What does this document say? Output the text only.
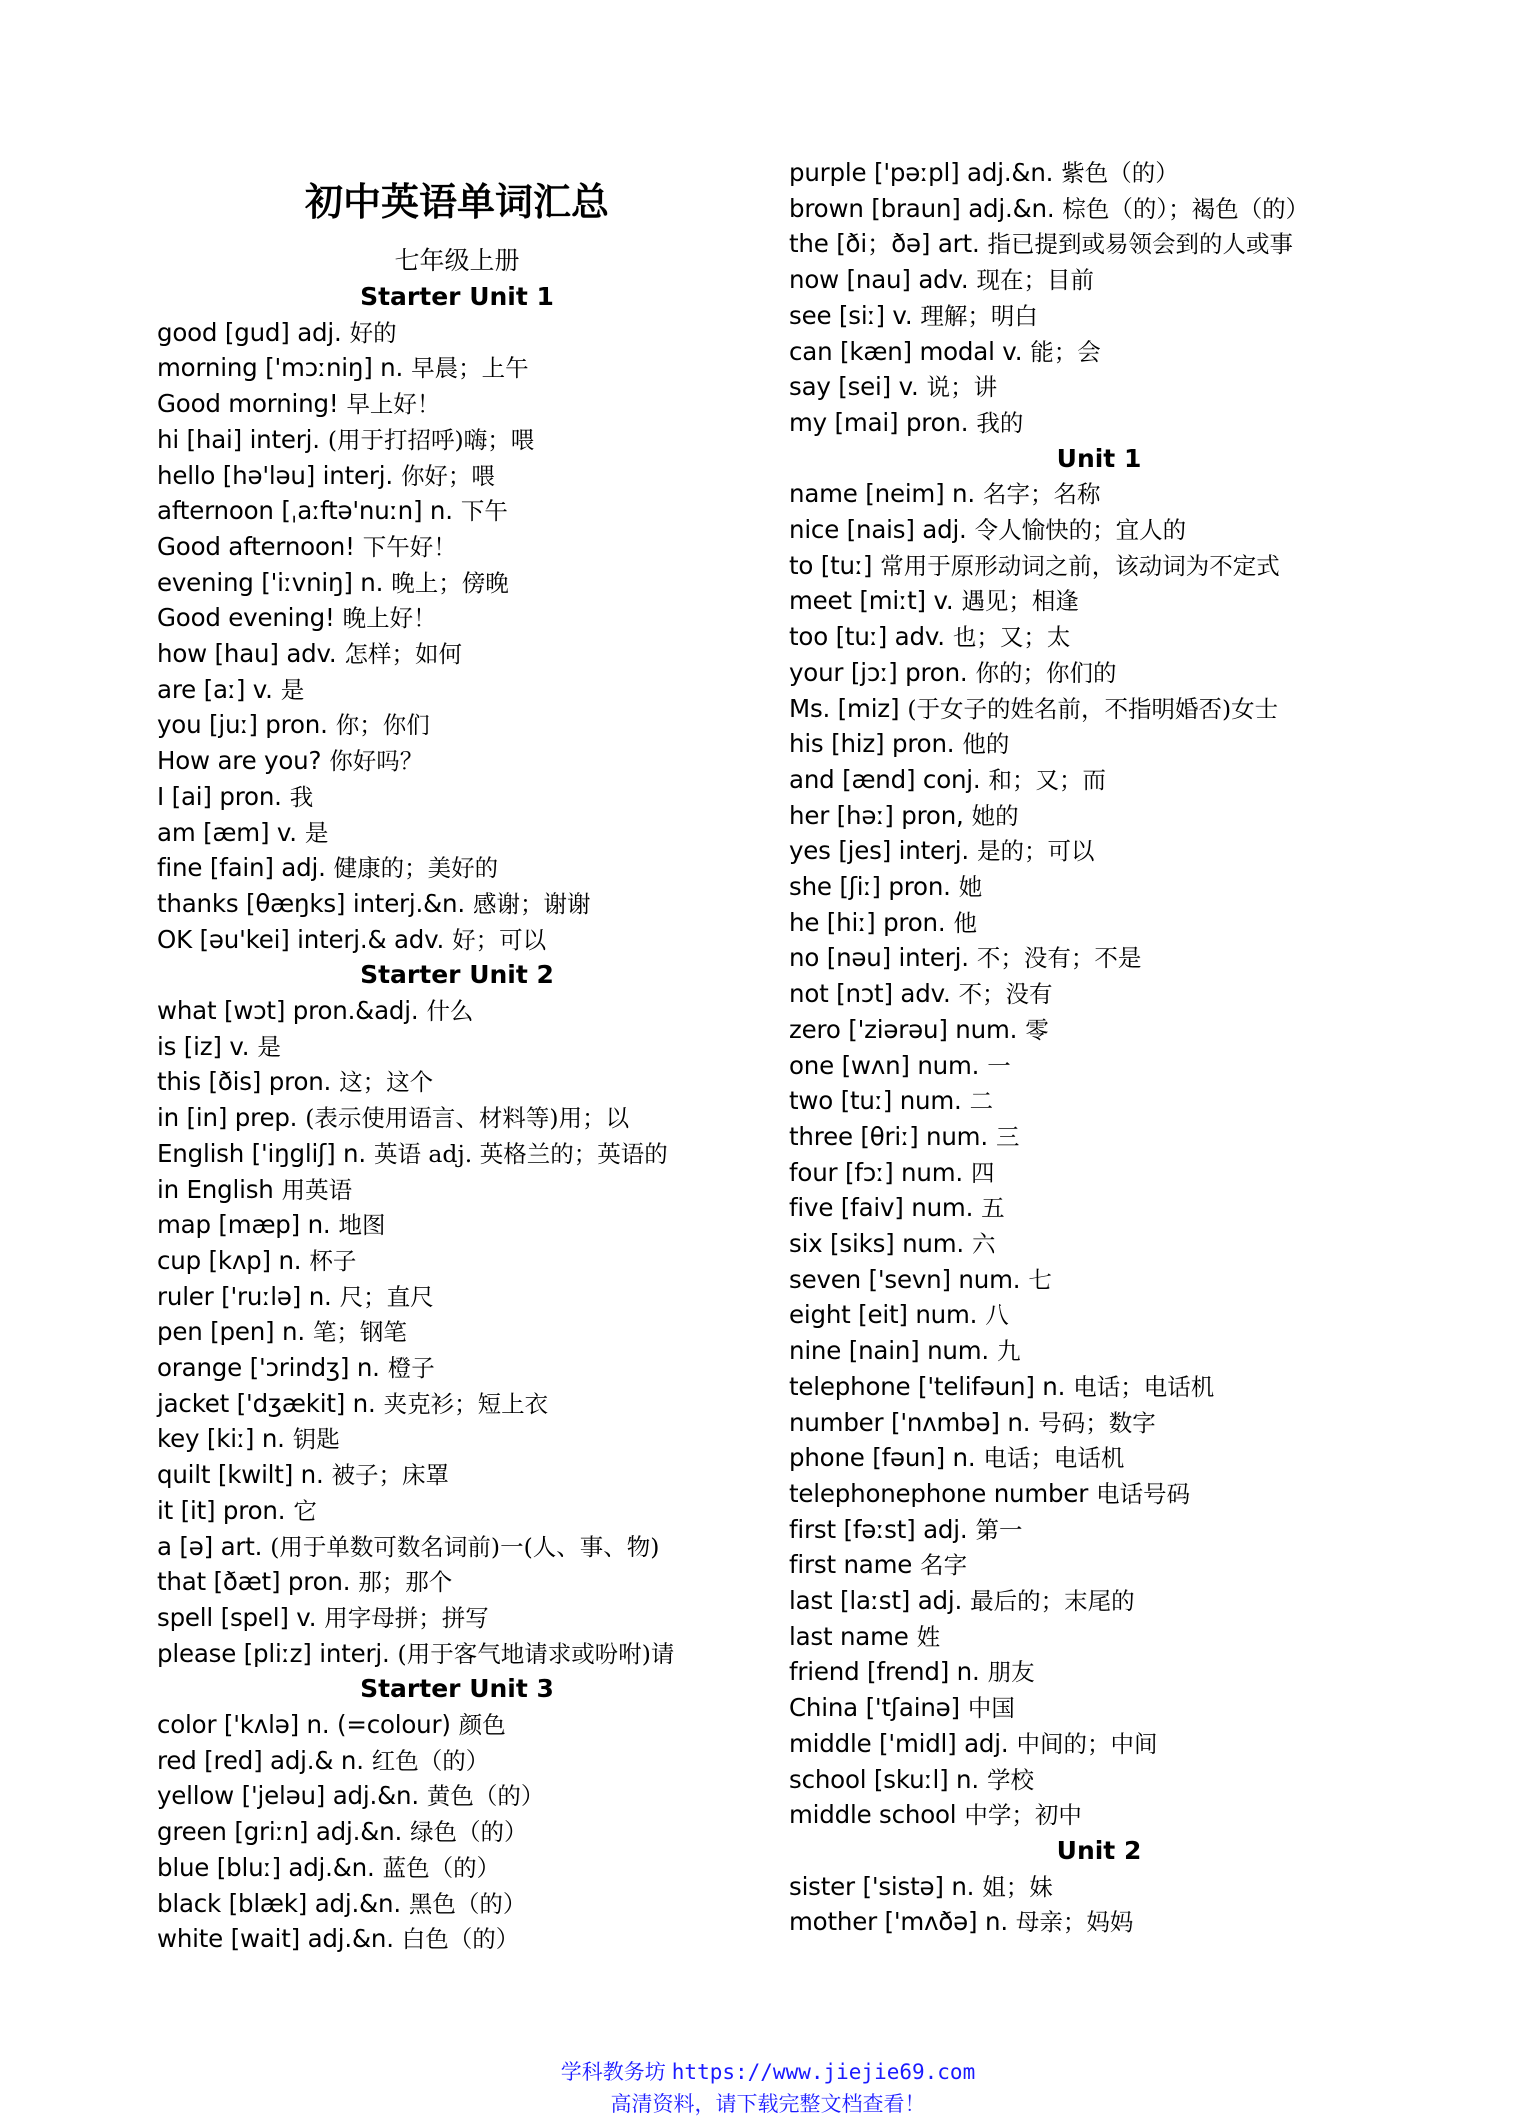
初中英语单词汇总
七年级上册
Starter Unit 1
good [gud] adj. 好的
morning ['mɔːniŋ] n. 早晨；上午
Good morning! 早上好！
hi [hai] interj. (用于打招呼)嗨；喂
hello [hə'ləu] interj. 你好；喂
afternoon [ˌaːftə'nuːn] n. 下午
Good afternoon! 下午好！
evening ['iːvniŋ] n. 晚上；傍晚
Good evening! 晚上好！
how [hau] adv. 怎样；如何
are [aː] v. 是
you [juː] pron. 你；你们
How are you? 你好吗？
I [ai] pron. 我
am [æm] v. 是
fine [fain] adj. 健康的；美好的
thanks [θæŋks] interj.&n. 感谢；谢谢
OK [əu'kei] interj.& adv. 好；可以
Starter Unit 2
what [wɔt] pron.&adj. 什么
is [iz] v. 是
this [ðis] pron. 这；这个
in [in] prep. (表示使用语言、材料等)用；以
English ['iŋgliʃ] n. 英语 adj. 英格兰的；英语的
in English 用英语
map [mæp] n. 地图
cup [kʌp] n. 杯子
ruler ['ruːlə] n. 尺；直尺
pen [pen] n. 笔；钢笔
orange ['ɔrindʒ] n. 橙子
jacket ['dʒækit] n. 夹克衫；短上衣
key [kiː] n. 钥匙
quilt [kwilt] n. 被子；床罩
it [it] pron. 它
a [ə] art. (用于单数可数名词前)一(人、事、物)
that [ðæt] pron. 那；那个
spell [spel] v. 用字母拼；拼写
please [pliːz] interj. (用于客气地请求或吩咐)请
Starter Unit 3
color ['kʌlə] n. (=colour) 颜色
red [red] adj.& n. 红色（的）
yellow ['jeləu] adj.&n. 黄色（的）
green [griːn] adj.&n. 绿色（的）
blue [bluː] adj.&n. 蓝色（的）
black [blæk] adj.&n. 黑色（的）
white [wait] adj.&n. 白色（的）
purple ['pəːpl] adj.&n. 紫色（的）
brown [braun] adj.&n. 棕色（的）；褐色（的）
the [ði；ðə] art. 指已提到或易领会到的人或事
now [nau] adv. 现在；目前
see [siː] v. 理解；明白
can [kæn] modal v. 能；会
say [sei] v. 说；讲
my [mai] pron. 我的
Unit 1
name [neim] n. 名字；名称
nice [nais] adj. 令人愉快的；宜人的
to [tuː] 常用于原形动词之前，该动词为不定式
meet [miːt] v. 遇见；相逢
too [tuː] adv. 也；又；太
your [jɔː] pron. 你的；你们的
Ms. [miz] (于女子的姓名前，不指明婚否)女士
his [hiz] pron. 他的
and [ænd] conj. 和；又；而
her [həː] pron, 她的
yes [jes] interj. 是的；可以
she [ʃiː] pron. 她
he [hiː] pron. 他
no [nəu] interj. 不；没有；不是
not [nɔt] adv. 不；没有
zero ['ziərəu] num. 零
one [wʌn] num. 一
two [tuː] num. 二
three [θriː] num. 三
four [fɔː] num. 四
five [faiv] num. 五
six [siks] num. 六
seven ['sevn] num. 七
eight [eit] num. 八
nine [nain] num. 九
telephone ['telifəun] n. 电话；电话机
number ['nʌmbə] n. 号码；数字
phone [fəun] n. 电话；电话机
telephonephone number 电话号码
first [fəːst] adj. 第一
first name 名字
last [laːst] adj. 最后的；末尾的
last name 姓
friend [frend] n. 朋友
China ['tʃainə] 中国
middle ['midl] adj. 中间的；中间
school [skuːl] n. 学校
middle school 中学；初中
Unit 2
sister ['sistə] n. 姐；妹
mother ['mʌðə] n. 母亲；妈妈
学科教务坊 https://www.jiejie69.com
高清资料，请下载完整文档查看！
